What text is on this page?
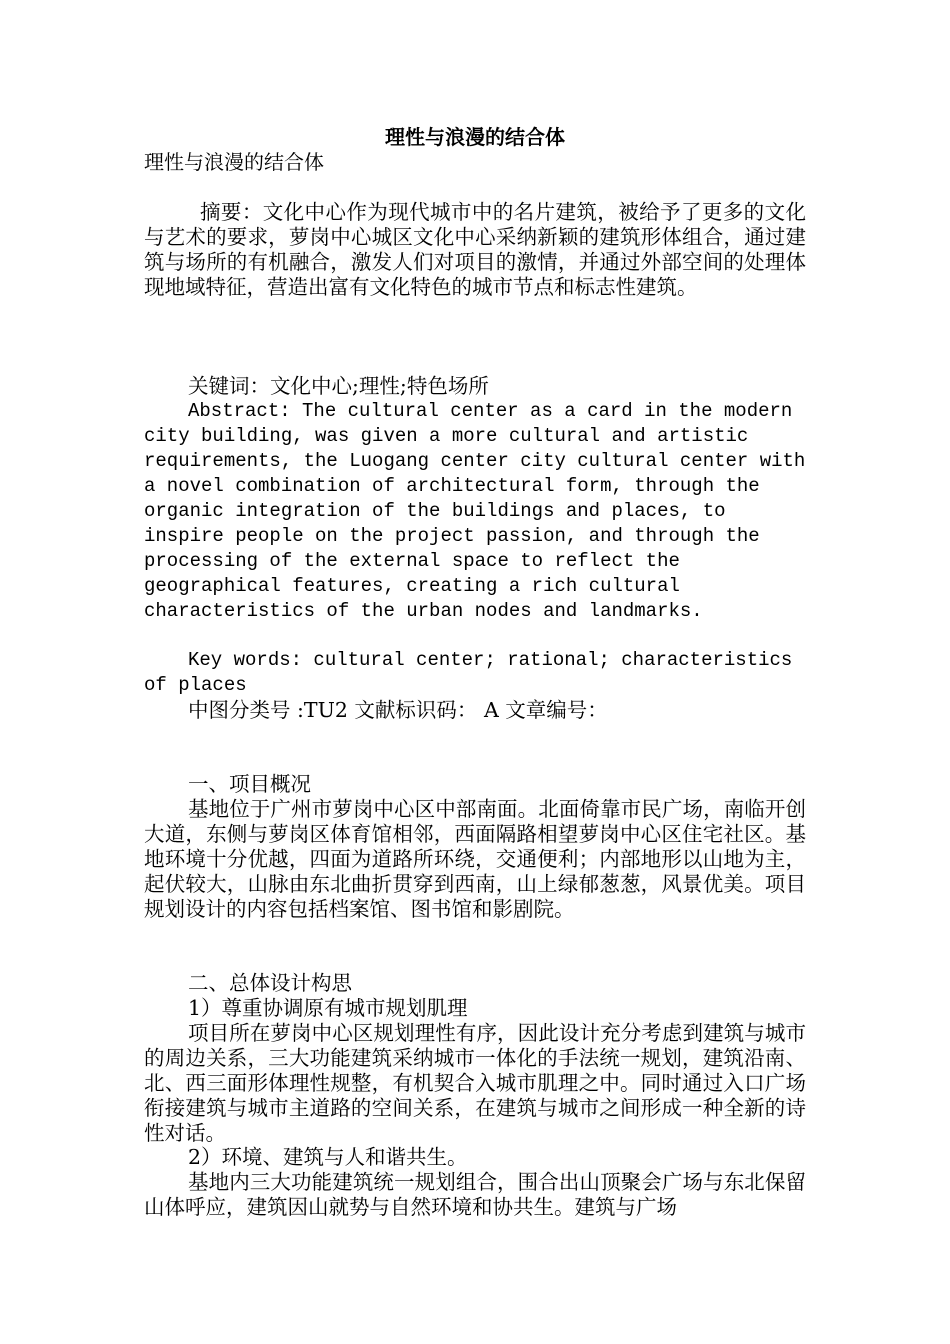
理性与浪漫的结合体
理性与浪漫的结合体

摘要：文化中心作为现代城市中的名片建筑，被给予了更多的文化与艺术的要求，萝岗中心城区文化中心采纳新颖的建筑形体组合，通过建筑与场所的有机融合，激发人们对项目的激情，并通过外部空间的处理体现地域特征，营造出富有文化特色的城市节点和标志性建筑。

关键词：文化中心;理性;特色场所

Abstract: The cultural center as a card in the modern city building, was given a more cultural and artistic requirements, the Luogang center city cultural center with a novel combination of architectural form, through the organic integration of the buildings and places, to inspire people on the project passion, and through the processing of the external space to reflect the geographical features, creating a rich cultural characteristics of the urban nodes and landmarks.

Key words: cultural center; rational; characteristics of places

中图分类号 :TU2 文献标识码： A 文章编号：

一、项目概况

基地位于广州市萝岗中心区中部南面。北面倚靠市民广场，南临开创大道，东侧与萝岗区体育馆相邻，西面隔路相望萝岗中心区住宅社区。基地环境十分优越，四面为道路所环绕，交通便利；内部地形以山地为主，起伏较大，山脉由东北曲折贯穿到西南，山上绿郁葱葱，风景优美。项目规划设计的内容包括档案馆、图书馆和影剧院。

二、总体设计构思

1）尊重协调原有城市规划肌理

项目所在萝岗中心区规划理性有序，因此设计充分考虑到建筑与城市的周边关系，三大功能建筑采纳城市一体化的手法统一规划，建筑沿南、北、西三面形体理性规整，有机契合入城市肌理之中。同时通过入口广场衔接建筑与城市主道路的空间关系，在建筑与城市之间形成一种全新的诗性对话。

2）环境、建筑与人和谐共生。

基地内三大功能建筑统一规划组合，围合出山顶聚会广场与东北保留山体呼应，建筑因山就势与自然环境和协共生。建筑与广场
